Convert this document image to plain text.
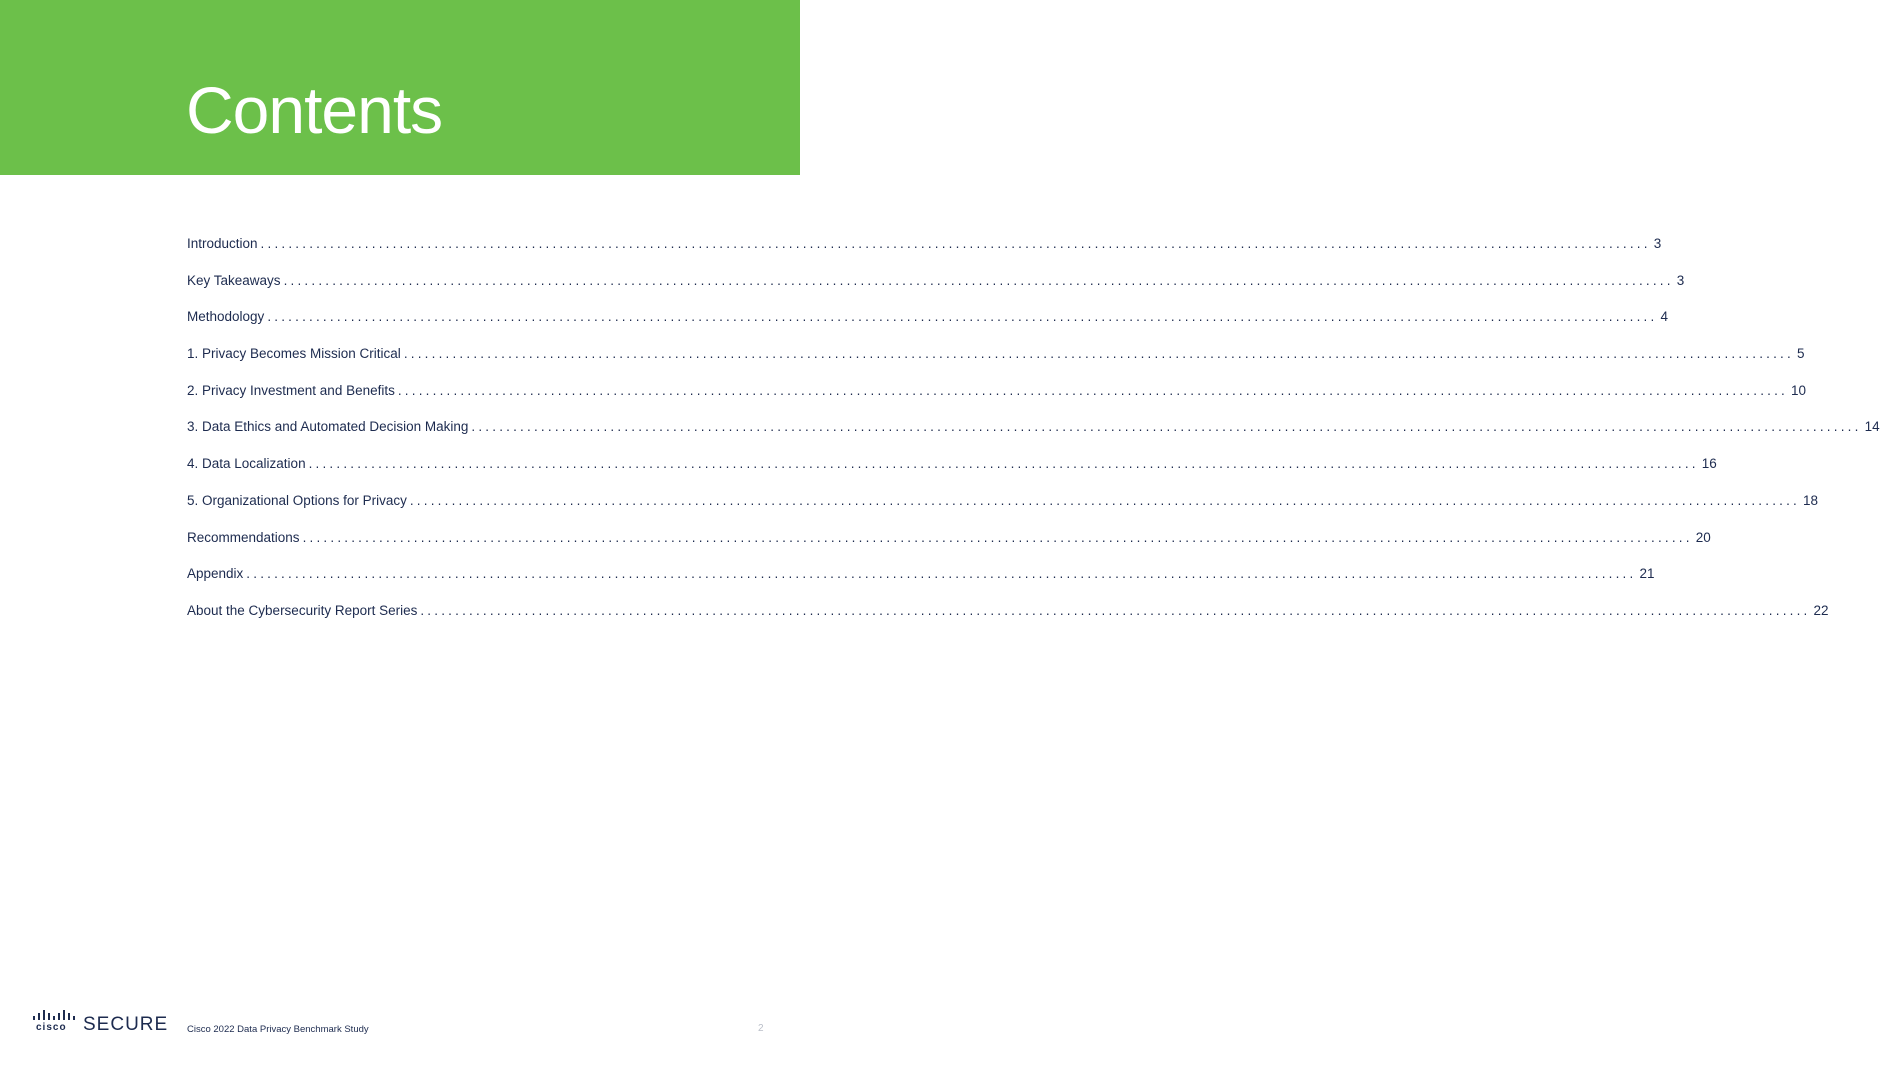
Contents
Introduction ........................................................................................................................................................................................................ 3
Key Takeaways ........................................................................................................................................................................................................ 3
Methodology ........................................................................................................................................................................................................ 4
1. Privacy Becomes Mission Critical ........................................................................................................................................................................................................ 5
2. Privacy Investment and Benefits ........................................................................................................................................................................................................ 10
3. Data Ethics and Automated Decision Making ........................................................................................................................................................................................................ 14
4. Data Localization ........................................................................................................................................................................................................ 16
5. Organizational Options for Privacy ........................................................................................................................................................................................................ 18
Recommendations ........................................................................................................................................................................................................ 20
Appendix ........................................................................................................................................................................................................ 21
About the Cybersecurity Report Series ........................................................................................................................................................................................................ 22
cisco SECURE Cisco 2022 Data Privacy Benchmark Study	2
